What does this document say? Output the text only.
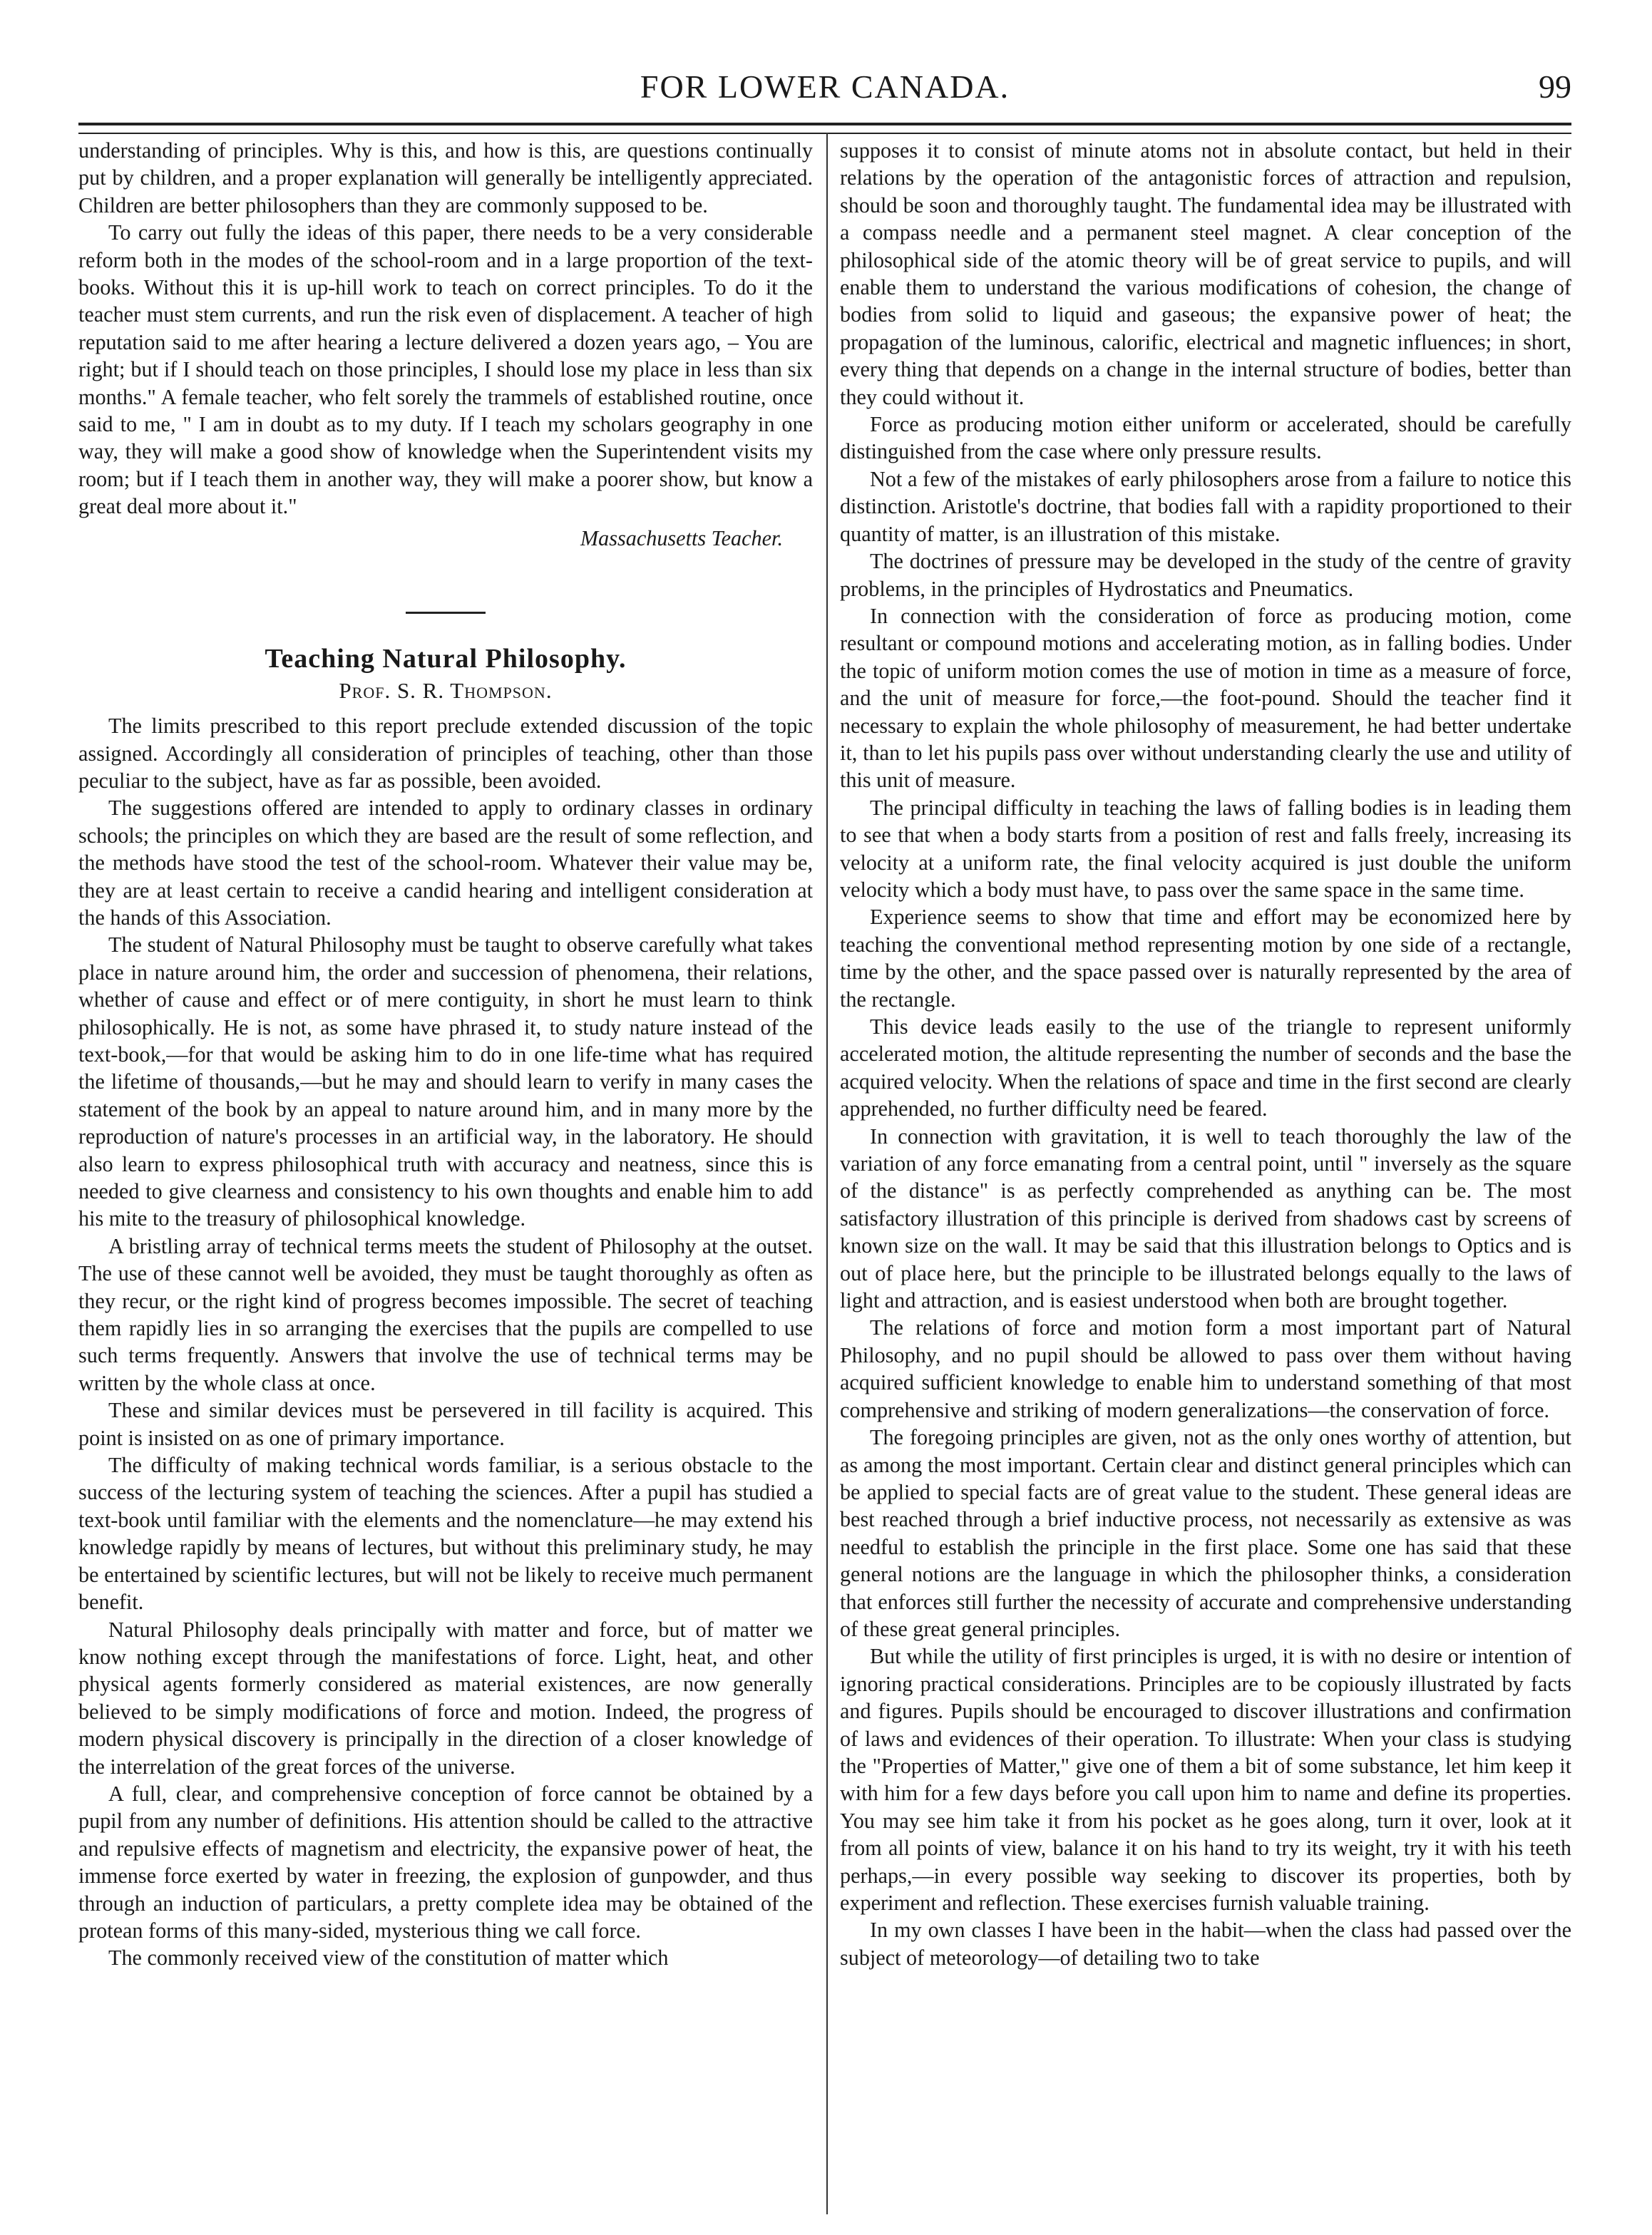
FOR LOWER CANADA.	99

understanding of principles. Why is this, and how is this, are questions continually put by children, and a proper explanation will generally be intelligently appreciated. Children are better philosophers than they are commonly supposed to be.

To carry out fully the ideas of this paper, there needs to be a very considerable reform both in the modes of the school-room and in a large proportion of the text-books. Without this it is up-hill work to teach on correct principles. To do it the teacher must stem currents, and run the risk even of displacement. A teacher of high reputation said to me after hearing a lecture delivered a dozen years ago, – You are right; but if I should teach on those principles, I should lose my place in less than six months." A female teacher, who felt sorely the trammels of established routine, once said to me, " I am in doubt as to my duty. If I teach my scholars geography in one way, they will make a good show of knowledge when the Superintendent visits my room; but if I teach them in another way, they will make a poorer show, but know a great deal more about it."

Massachusetts Teacher.
Teaching Natural Philosophy.
Prof. S. R. Thompson.

The limits prescribed to this report preclude extended discussion of the topic assigned. Accordingly all consideration of principles of teaching, other than those peculiar to the subject, have as far as possible, been avoided.

The suggestions offered are intended to apply to ordinary classes in ordinary schools; the principles on which they are based are the result of some reflection, and the methods have stood the test of the school-room. Whatever their value may be, they are at least certain to receive a candid hearing and intelligent consideration at the hands of this Association.

The student of Natural Philosophy must be taught to observe carefully what takes place in nature around him, the order and succession of phenomena, their relations, whether of cause and effect or of mere contiguity, in short he must learn to think philosophically. He is not, as some have phrased it, to study nature instead of the text-book,—for that would be asking him to do in one life-time what has required the lifetime of thousands,—but he may and should learn to verify in many cases the statement of the book by an appeal to nature around him, and in many more by the reproduction of nature's processes in an artificial way, in the laboratory. He should also learn to express philosophical truth with accuracy and neatness, since this is needed to give clearness and consistency to his own thoughts and enable him to add his mite to the treasury of philosophical knowledge.

A bristling array of technical terms meets the student of Philosophy at the outset. The use of these cannot well be avoided, they must be taught thoroughly as often as they recur, or the right kind of progress becomes impossible. The secret of teaching them rapidly lies in so arranging the exercises that the pupils are compelled to use such terms frequently. Answers that involve the use of technical terms may be written by the whole class at once.

These and similar devices must be persevered in till facility is acquired. This point is insisted on as one of primary importance.

The difficulty of making technical words familiar, is a serious obstacle to the success of the lecturing system of teaching the sciences. After a pupil has studied a text-book until familiar with the elements and the nomenclature—he may extend his knowledge rapidly by means of lectures, but without this preliminary study, he may be entertained by scientific lectures, but will not be likely to receive much permanent benefit.

Natural Philosophy deals principally with matter and force, but of matter we know nothing except through the manifestations of force. Light, heat, and other physical agents formerly considered as material existences, are now generally believed to be simply modifications of force and motion. Indeed, the progress of modern physical discovery is principally in the direction of a closer knowledge of the interrelation of the great forces of the universe.

A full, clear, and comprehensive conception of force cannot be obtained by a pupil from any number of definitions. His attention should be called to the attractive and repulsive effects of magnetism and electricity, the expansive power of heat, the immense force exerted by water in freezing, the explosion of gunpowder, and thus through an induction of particulars, a pretty complete idea may be obtained of the protean forms of this many-sided, mysterious thing we call force.

The commonly received view of the constitution of matter which

supposes it to consist of minute atoms not in absolute contact, but held in their relations by the operation of the antagonistic forces of attraction and repulsion, should be soon and thoroughly taught. The fundamental idea may be illustrated with a compass needle and a permanent steel magnet. A clear conception of the philosophical side of the atomic theory will be of great service to pupils, and will enable them to understand the various modifications of cohesion, the change of bodies from solid to liquid and gaseous; the expansive power of heat; the propagation of the luminous, calorific, electrical and magnetic influences; in short, every thing that depends on a change in the internal structure of bodies, better than they could without it.

Force as producing motion either uniform or accelerated, should be carefully distinguished from the case where only pressure results.

Not a few of the mistakes of early philosophers arose from a failure to notice this distinction. Aristotle's doctrine, that bodies fall with a rapidity proportioned to their quantity of matter, is an illustration of this mistake.

The doctrines of pressure may be developed in the study of the centre of gravity problems, in the principles of Hydrostatics and Pneumatics.

In connection with the consideration of force as producing motion, come resultant or compound motions and accelerating motion, as in falling bodies. Under the topic of uniform motion comes the use of motion in time as a measure of force, and the unit of measure for force,—the foot-pound. Should the teacher find it necessary to explain the whole philosophy of measurement, he had better undertake it, than to let his pupils pass over without understanding clearly the use and utility of this unit of measure.

The principal difficulty in teaching the laws of falling bodies is in leading them to see that when a body starts from a position of rest and falls freely, increasing its velocity at a uniform rate, the final velocity acquired is just double the uniform velocity which a body must have, to pass over the same space in the same time.

Experience seems to show that time and effort may be economized here by teaching the conventional method representing motion by one side of a rectangle, time by the other, and the space passed over is naturally represented by the area of the rectangle.

This device leads easily to the use of the triangle to represent uniformly accelerated motion, the altitude representing the number of seconds and the base the acquired velocity. When the relations of space and time in the first second are clearly apprehended, no further difficulty need be feared.

In connection with gravitation, it is well to teach thoroughly the law of the variation of any force emanating from a central point, until " inversely as the square of the distance" is as perfectly comprehended as anything can be. The most satisfactory illustration of this principle is derived from shadows cast by screens of known size on the wall. It may be said that this illustration belongs to Optics and is out of place here, but the principle to be illustrated belongs equally to the laws of light and attraction, and is easiest understood when both are brought together.

The relations of force and motion form a most important part of Natural Philosophy, and no pupil should be allowed to pass over them without having acquired sufficient knowledge to enable him to understand something of that most comprehensive and striking of modern generalizations—the conservation of force.

The foregoing principles are given, not as the only ones worthy of attention, but as among the most important. Certain clear and distinct general principles which can be applied to special facts are of great value to the student. These general ideas are best reached through a brief inductive process, not necessarily as extensive as was needful to establish the principle in the first place. Some one has said that these general notions are the language in which the philosopher thinks, a consideration that enforces still further the necessity of accurate and comprehensive understanding of these great general principles.

But while the utility of first principles is urged, it is with no desire or intention of ignoring practical considerations. Principles are to be copiously illustrated by facts and figures. Pupils should be encouraged to discover illustrations and confirmation of laws and evidences of their operation. To illustrate: When your class is studying the "Properties of Matter," give one of them a bit of some substance, let him keep it with him for a few days before you call upon him to name and define its properties. You may see him take it from his pocket as he goes along, turn it over, look at it from all points of view, balance it on his hand to try its weight, try it with his teeth perhaps,—in every possible way seeking to discover its properties, both by experiment and reflection. These exercises furnish valuable training.

In my own classes I have been in the habit—when the class had passed over the subject of meteorology—of detailing two to take
